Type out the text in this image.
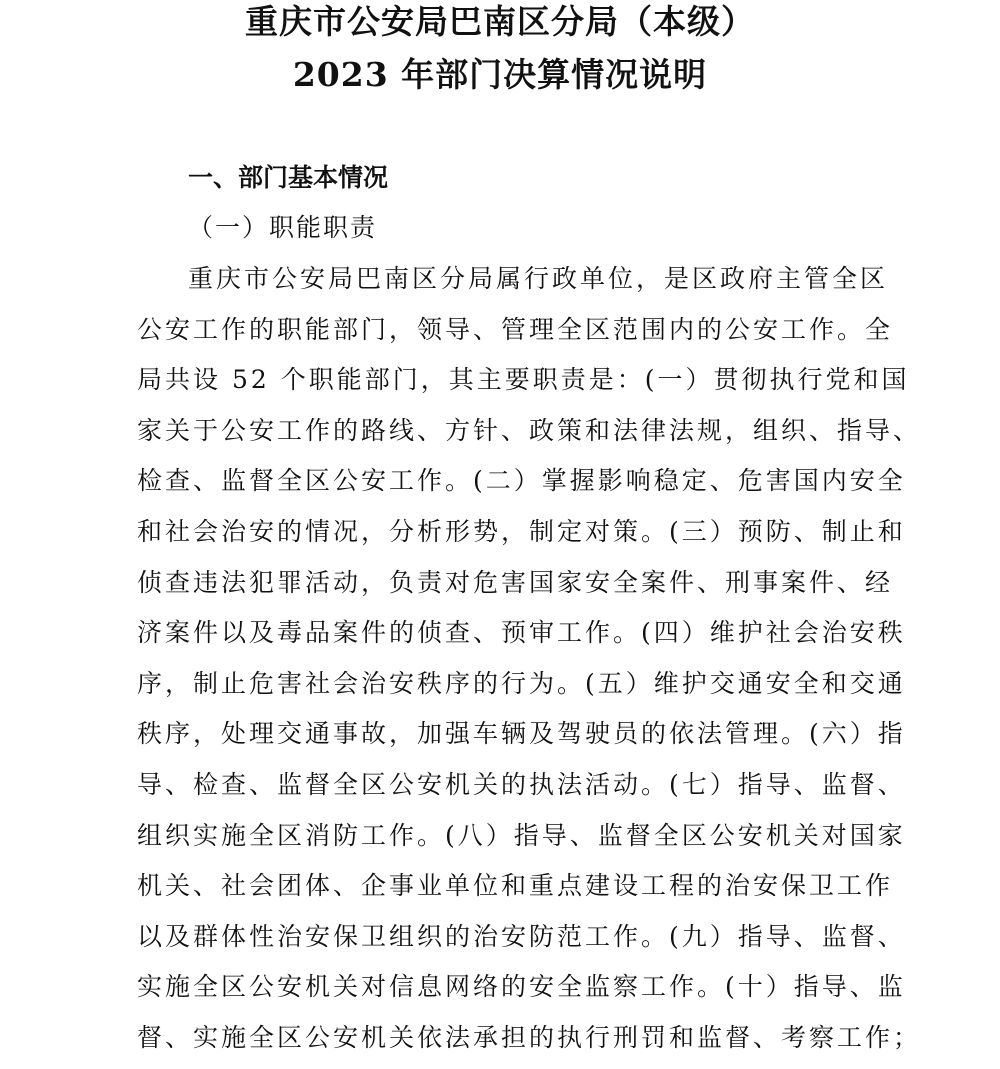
重庆市公安局巴南区分局（本级）
2023 年部门决算情况说明
一、部门基本情况
（一）职能职责
重庆市公安局巴南区分局属行政单位，是区政府主管全区
公安工作的职能部门，领导、管理全区范围内的公安工作。全
局共设 52 个职能部门，其主要职责是：(一）贯彻执行党和国
家关于公安工作的路线、方针、政策和法律法规，组织、指导、
检查、监督全区公安工作。(二）掌握影响稳定、危害国内安全
和社会治安的情况，分析形势，制定对策。(三）预防、制止和
侦查违法犯罪活动，负责对危害国家安全案件、刑事案件、经
济案件以及毒品案件的侦查、预审工作。(四）维护社会治安秩
序，制止危害社会治安秩序的行为。(五）维护交通安全和交通
秩序，处理交通事故，加强车辆及驾驶员的依法管理。(六）指
导、检查、监督全区公安机关的执法活动。(七）指导、监督、
组织实施全区消防工作。(八）指导、监督全区公安机关对国家
机关、社会团体、企事业单位和重点建设工程的治安保卫工作
以及群体性治安保卫组织的治安防范工作。(九）指导、监督、
实施全区公安机关对信息网络的安全监察工作。(十）指导、监
督、实施全区公安机关依法承担的执行刑罚和监督、考察工作；
